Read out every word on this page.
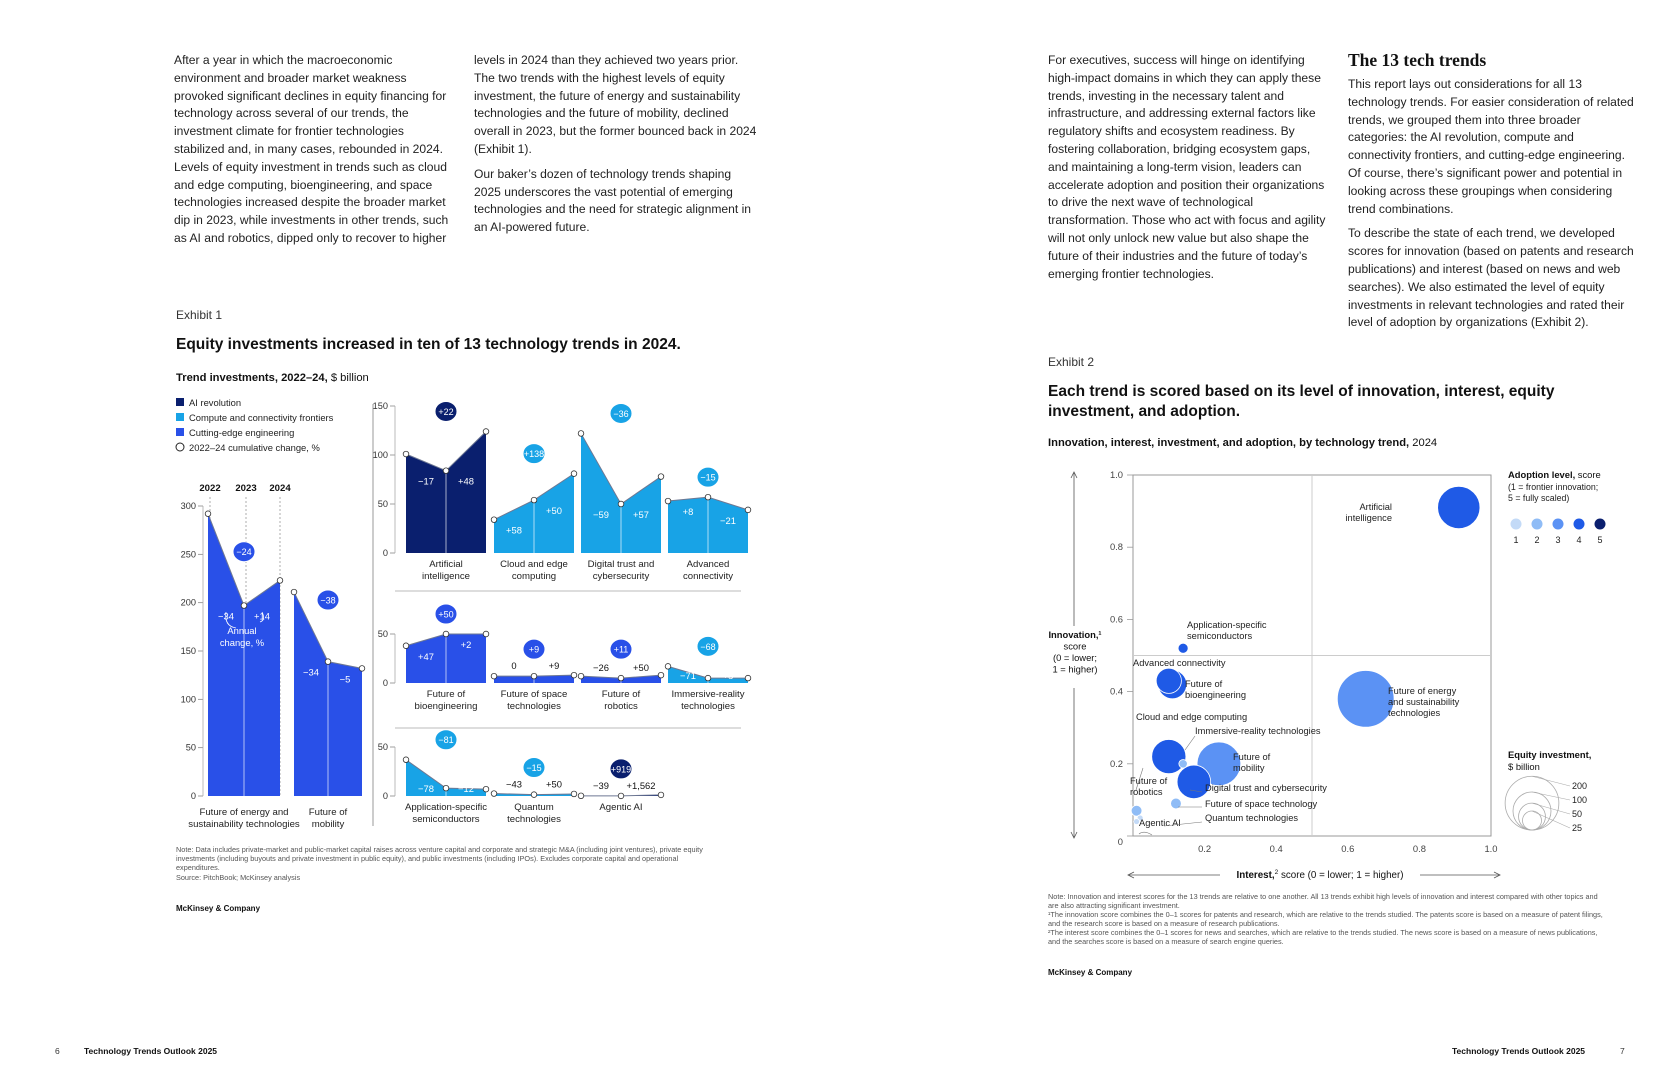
After a year in which the macroeconomic environment and broader market weakness provoked significant declines in equity financing for technology across several of our trends, the investment climate for frontier technologies stabilized and, in many cases, rebounded in 2024. Levels of equity investment in trends such as cloud and edge computing, bioengineering, and space technologies increased despite the broader market dip in 2023, while investments in other trends, such as AI and robotics, dipped only to recover to higher

levels in 2024 than they achieved two years prior. The two trends with the highest levels of equity investment, the future of energy and sustainability technologies and the future of mobility, declined overall in 2023, but the former bounced back in 2024 (Exhibit 1).

Our baker’s dozen of technology trends shaping 2025 underscores the vast potential of emerging technologies and the need for strategic alignment in an AI-powered future.

Exhibit 1
Equity investments increased in ten of 13 technology trends in 2024.
Trend investments, 2022–24, $ billion
AI revolution
Compute and connectivity frontiers
Cutting-edge engineering
2022–24 cumulative change, %
0
50
100
150
200
250
300
2022 2023 2024
−34 +14
−24
Future of energy and
sustainability technologies
−34
−5
−38
Future of
mobility
Annual
change, %
0
50
100
150
−17	+48
+22
Artificial
intelligence
+58
+50
+138
Cloud and edge
computing
−59	+57
−36
Digital trust and
cybersecurity
+8
−21
−15
Advanced
connectivity
0
50
+47
+2
+50
Future of
bioengineering
0	+9
+9
Future of space
technologies
−26	+50
+11
Future of
robotics
−71	+8
−68
Immersive-reality
technologies
0
50
−78	−12
−81
Application-specific
semiconductors
−43	+50
−15
Quantum
technologies
−39 +1,562
+919
Agentic AI
Note: Data includes private-market and public-market capital raises across venture capital and corporate and strategic M&A (including joint ventures), private equity investments (including buyouts and private investment in public equity), and public investments (including IPOs). Excludes corporate capital and operational expenditures.
Source: PitchBook; McKinsey analysis
McKinsey & Company
6	Technology Trends Outlook 2025

For executives, success will hinge on identifying high-impact domains in which they can apply these trends, investing in the necessary talent and infrastructure, and addressing external factors like regulatory shifts and ecosystem readiness. By fostering collaboration, bridging ecosystem gaps, and maintaining a long-term vision, leaders can accelerate adoption and position their organizations to drive the next wave of technological transformation. Those who act with focus and agility will not only unlock new value but also shape the future of their industries and the future of today’s emerging frontier technologies.

The 13 tech trends

This report lays out considerations for all 13 technology trends. For easier consideration of related trends, we grouped them into three broader categories: the AI revolution, compute and connectivity frontiers, and cutting-edge engineering. Of course, there’s significant power and potential in looking across these groupings when considering trend combinations.

To describe the state of each trend, we developed scores for innovation (based on patents and research publications) and interest (based on news and web searches). We also estimated the level of equity investments in relevant technologies and rated their level of adoption by organizations (Exhibit 2).

Exhibit 2
Each trend is scored based on its level of innovation, interest, equity investment, and adoption.
Innovation, interest, investment, and adoption, by technology trend, 2024
0.2	0.4	0.6	0.8	1.0
0
0.2
0.4
0.6
0.8
1.0
Innovation,¹
score
(0 = lower;
1 = higher)
Interest,$^2$ score (0 = lower; 1 = higher)
Artificial
intelligence
Application-specific
semiconductors
Advanced connectivity
Future of
bioengineering	Future of energy
and sustainability
technologies
Cloud and edge computing
Immersive-reality technologies
Future of
mobility
Digital trust and cybersecurity
Future of space technology
Future of
robotics
Quantum technologies
Agentic AI
Adoption level, score
(1 = frontier innovation;
5 = fully scaled)
1 2 3 4 5
Equity investment,
$ billion
200
100
50
25
Note: Innovation and interest scores for the 13 trends are relative to one another. All 13 trends exhibit high levels of innovation and interest compared with other topics and are also attracting significant investment.
¹The innovation score combines the 0–1 scores for patents and research, which are relative to the trends studied. The patents score is based on a measure of patent filings, and the research score is based on a measure of research publications.
²The interest score combines the 0–1 scores for news and searches, which are relative to the trends studied. The news score is based on a measure of news publications, and the searches score is based on a measure of search engine queries.
McKinsey & Company
Technology Trends Outlook 2025	7
